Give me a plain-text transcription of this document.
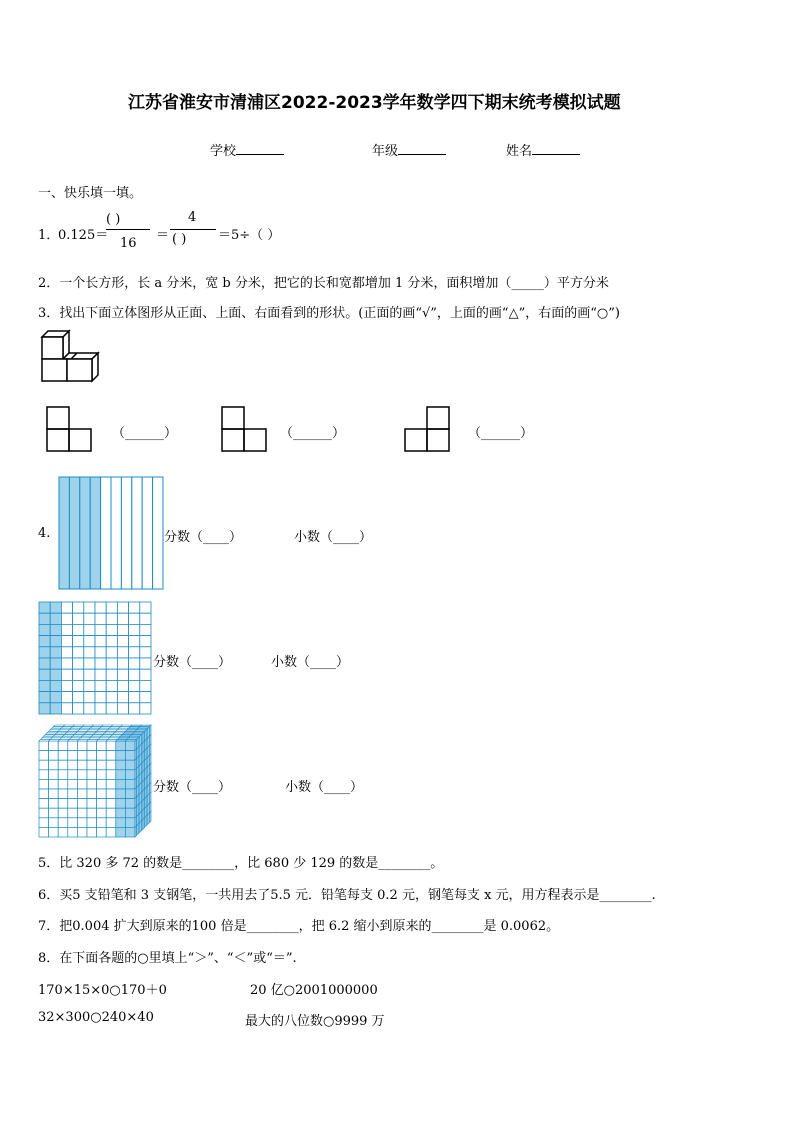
江苏省淮安市清浦区2022-2023学年数学四下期末统考模拟试题
学校	年级	姓名
一、快乐填一填。
1．
0.125＝
( )
16
＝
4
( ) ＝5÷（ ）
2．一个长方形，长 a 分米，宽 b 分米，把它的长和宽都增加 1 分米，面积增加（_____）平方分米
3．找出下面立体图形从正面、上面、右面看到的形状。(正面的画“√”，上面的画“△”，右面的画“○”)
（______）	（______）	（______）
4.	分数（____）	小数（____）
分数（____）	小数（____）
分数（____）	小数（____）
5．比 320 多 72 的数是________，比 680 少 129 的数是________。
6．买5 支铅笔和 3 支钢笔，一共用去了5.5 元．铅笔每支 0.2 元，钢笔每支 x 元，用方程表示是________.
7．把0.004 扩大到原来的100 倍是________，把 6.2 缩小到原来的________是 0.0062。
8．在下面各题的○里填上“＞”、“＜”或“＝”.
170×15×0○170＋0	20 亿○2001000000
32×300○240×40	最大的八位数○9999 万
